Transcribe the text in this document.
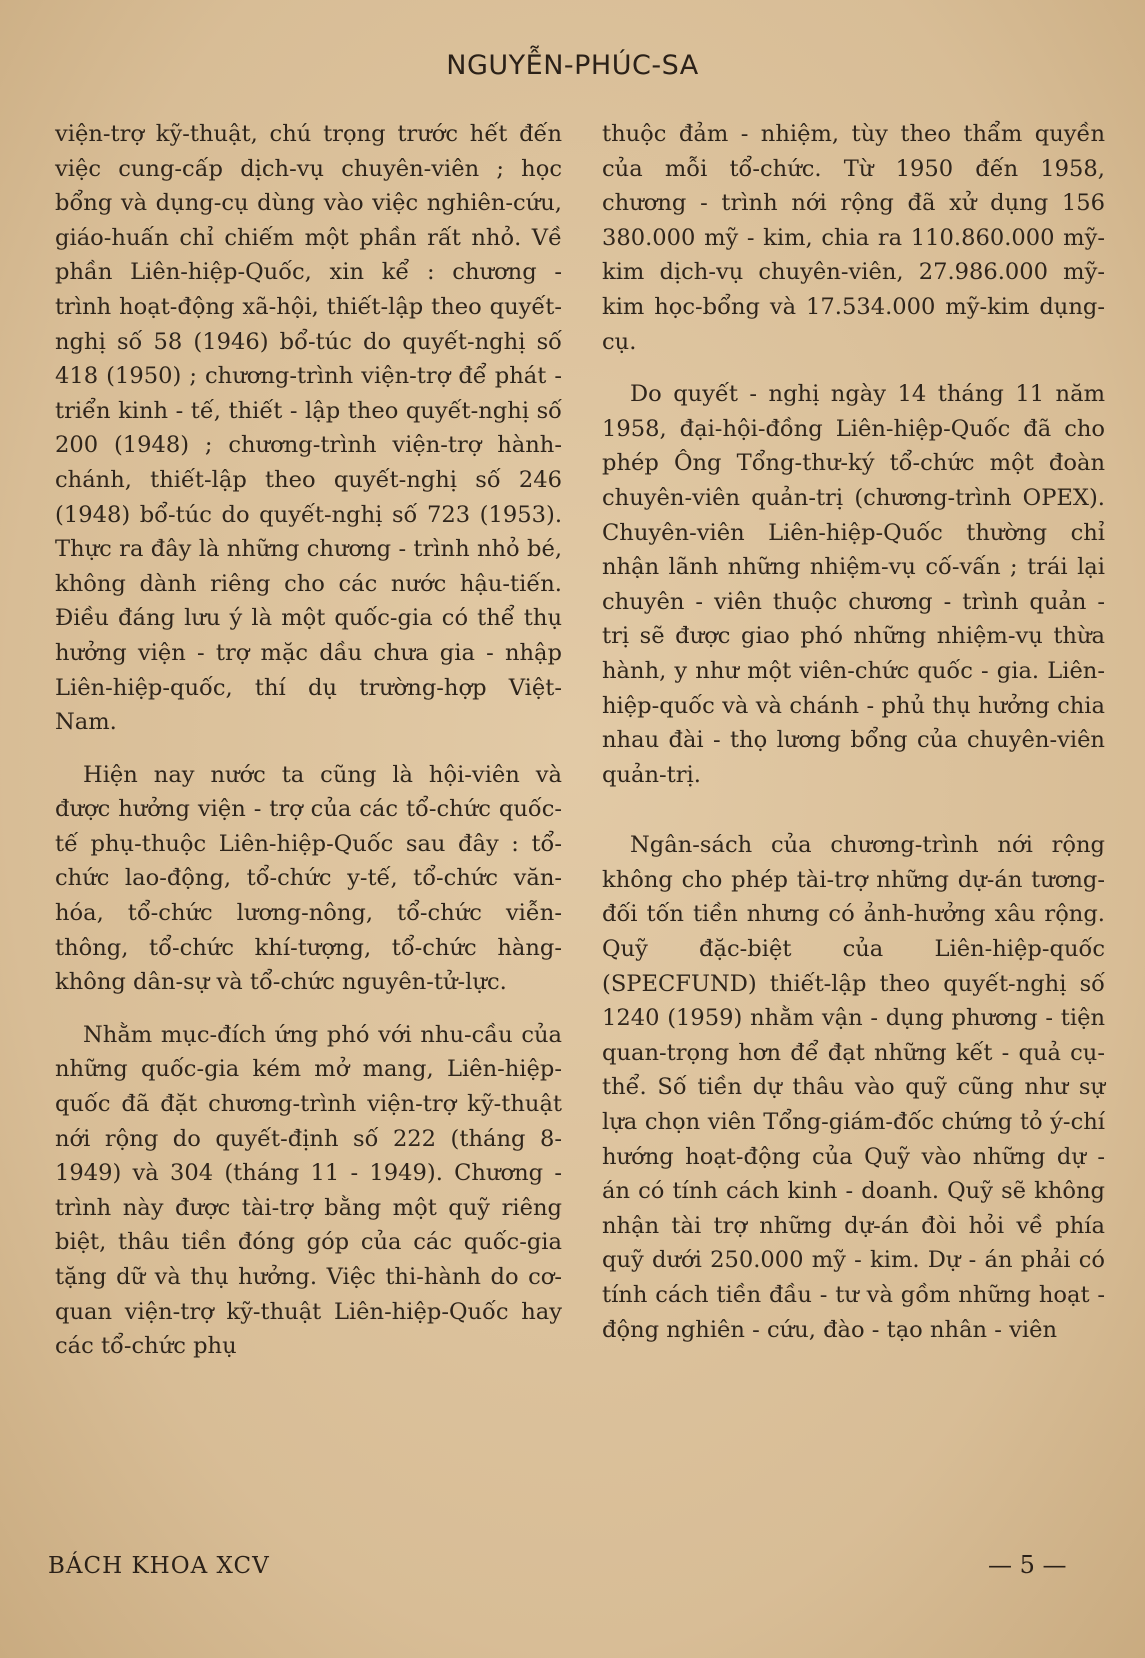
NGUYỄN-PHÚC-SA

viện-trợ kỹ-thuật, chú trọng trước hết đến việc cung-cấp dịch-vụ chuyên-viên ; học bổng và dụng-cụ dùng vào việc nghiên-cứu, giáo-huấn chỉ chiếm một phần rất nhỏ. Về phần Liên-hiệp-Quốc, xin kể : chương - trình hoạt-động xã-hội, thiết-lập theo quyết-nghị số 58 (1946) bổ-túc do quyết-nghị số 418 (1950) ; chương-trình viện-trợ để phát - triển kinh - tế, thiết - lập theo quyết-nghị số 200 (1948) ; chương-trình viện-trợ hành-chánh, thiết-lập theo quyết-nghị số 246 (1948) bổ-túc do quyết-nghị số 723 (1953). Thực ra đây là những chương - trình nhỏ bé, không dành riêng cho các nước hậu-tiến. Điều đáng lưu ý là một quốc-gia có thể thụ hưởng viện - trợ mặc dầu chưa gia - nhập Liên-hiệp-quốc, thí dụ trường-hợp Việt-Nam.

Hiện nay nước ta cũng là hội-viên và được hưởng viện - trợ của các tổ-chức quốc-tế phụ-thuộc Liên-hiệp-Quốc sau đây : tổ-chức lao-động, tổ-chức y-tế, tổ-chức văn-hóa, tổ-chức lương-nông, tổ-chức viễn-thông, tổ-chức khí-tượng, tổ-chức hàng-không dân-sự và tổ-chức nguyên-tử-lực.

Nhằm mục-đích ứng phó với nhu-cầu của những quốc-gia kém mở mang, Liên-hiệp-quốc đã đặt chương-trình viện-trợ kỹ-thuật nới rộng do quyết-định số 222 (tháng 8-1949) và 304 (tháng 11 - 1949). Chương - trình này được tài-trợ bằng một quỹ riêng biệt, thâu tiền đóng góp của các quốc-gia tặng dữ và thụ hưởng. Việc thi-hành do cơ-quan viện-trợ kỹ-thuật Liên-hiệp-Quốc hay các tổ-chức phụ

thuộc đảm - nhiệm, tùy theo thẩm quyền của mỗi tổ-chức. Từ 1950 đến 1958, chương - trình nới rộng đã xử dụng 156 380.000 mỹ - kim, chia ra 110.860.000 mỹ-kim dịch-vụ chuyên-viên, 27.986.000 mỹ-kim học-bổng và 17.534.000 mỹ-kim dụng-cụ.

Do quyết - nghị ngày 14 tháng 11 năm 1958, đại-hội-đồng Liên-hiệp-Quốc đã cho phép Ông Tổng-thư-ký tổ-chức một đoàn chuyên-viên quản-trị (chương-trình OPEX). Chuyên-viên Liên-hiệp-Quốc thường chỉ nhận lãnh những nhiệm-vụ cố-vấn ; trái lại chuyên - viên thuộc chương - trình quản - trị sẽ được giao phó những nhiệm-vụ thừa hành, y như một viên-chức quốc - gia. Liên-hiệp-quốc và và chánh - phủ thụ hưởng chia nhau đài - thọ lương bổng của chuyên-viên quản-trị.

Ngân-sách của chương-trình nới rộng không cho phép tài-trợ những dự-án tương-đối tốn tiền nhưng có ảnh-hưởng xâu rộng. Quỹ đặc-biệt của Liên-hiệp-quốc (SPECFUND) thiết-lập theo quyết-nghị số 1240 (1959) nhằm vận - dụng phương - tiện quan-trọng hơn để đạt những kết - quả cụ-thể. Số tiền dự thâu vào quỹ cũng như sự lựa chọn viên Tổng-giám-đốc chứng tỏ ý-chí hướng hoạt-động của Quỹ vào những dự - án có tính cách kinh - doanh. Quỹ sẽ không nhận tài trợ những dự-án đòi hỏi về phía quỹ dưới 250.000 mỹ - kim. Dự - án phải có tính cách tiền đầu - tư và gồm những hoạt - động nghiên - cứu, đào - tạo nhân - viên

BÁCH KHOA XCV	— 5 —
